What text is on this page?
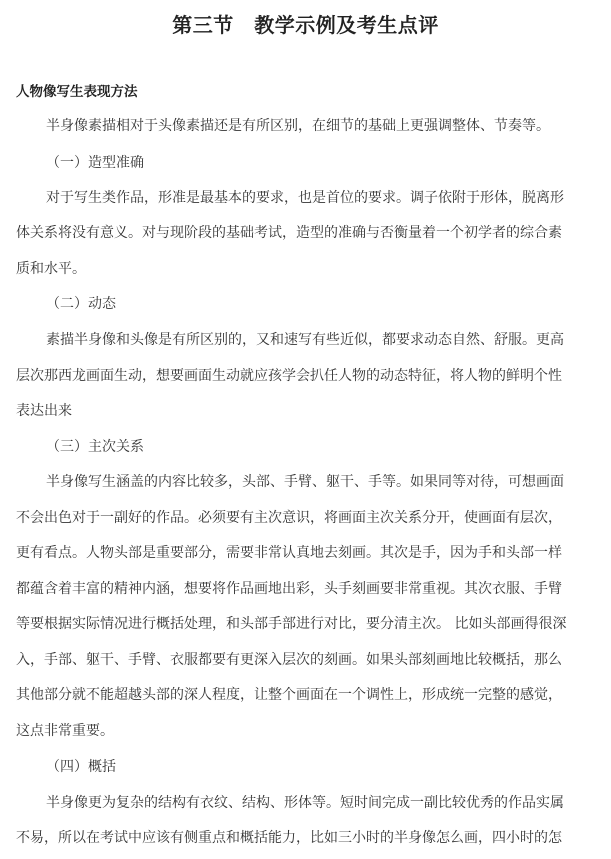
第三节　教学示例及考生点评
人物像写生表现方法
半身像素描相对于头像素描还是有所区别，在细节的基础上更强调整体、节奏等。
（一）造型准确
对于写生类作品，形准是最基本的要求，也是首位的要求。调子依附于形体，脱离形
体关系将没有意义。对与现阶段的基础考试，造型的准确与否衡量着一个初学者的综合素
质和水平。
（二）动态
素描半身像和头像是有所区别的，又和速写有些近似，都要求动态自然、舒服。更高
层次那西龙画面生动，想要画面生动就应孩学会扒任人物的动态特征，将人物的鲜明个性
表达出来
（三）主次关系
半身像写生涵盖的内容比较多，头部、手臂、躯干、手等。如果同等对待，可想画面
不会出色对于一副好的作品。必须要有主次意识，将画面主次关系分开，使画面有层次，
更有看点。人物头部是重要部分，需要非常认真地去刻画。其次是手，因为手和头部一样
都蕴含着丰富的精神内涵，想要将作品画地出彩，头手刻画要非常重视。其次衣服、手臂
等要根据实际情况进行概括处理，和头部手部进行对比，要分清主次。 比如头部画得很深
入，手部、躯干、手臂、衣服都要有更深入层次的刻画。如果头部刻画地比较概括，那么
其他部分就不能超越头部的深人程度，让整个画面在一个调性上，形成统一完整的感觉，
这点非常重要。
（四）概括
半身像更为复杂的结构有衣纹、结构、形体等。短时间完成一副比较优秀的作品实属
不易，所以在考试中应该有侧重点和概括能力，比如三小时的半身像怎么画，四小时的怎
